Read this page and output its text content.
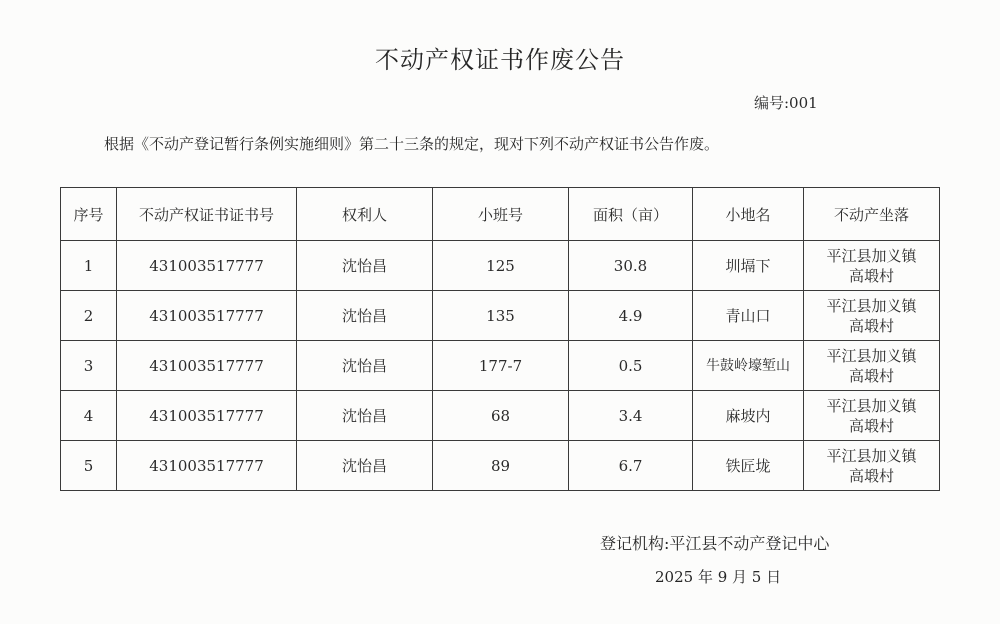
不动产权证书作废公告
编号:001
根据《不动产登记暂行条例实施细则》第二十三条的规定，现对下列不动产权证书公告作废。
序号	不动产权证书证书号	权利人	小班号	面积（亩）	小地名	不动产坐落
1	431003517777	沈怡昌	125	30.8	圳塥下	平江县加义镇
高塅村
2	431003517777	沈怡昌	135	4.9	青山口	平江县加义镇
高塅村
3	431003517777	沈怡昌	177-7	0.5	牛鼓岭壕堑山	平江县加义镇
高塅村
4	431003517777	沈怡昌	68	3.4	麻坡内	平江县加义镇
高塅村
5	431003517777	沈怡昌	89	6.7	铁匠垅	平江县加义镇
高塅村
登记机构:平江县不动产登记中心
2025 年 9 月 5 日
